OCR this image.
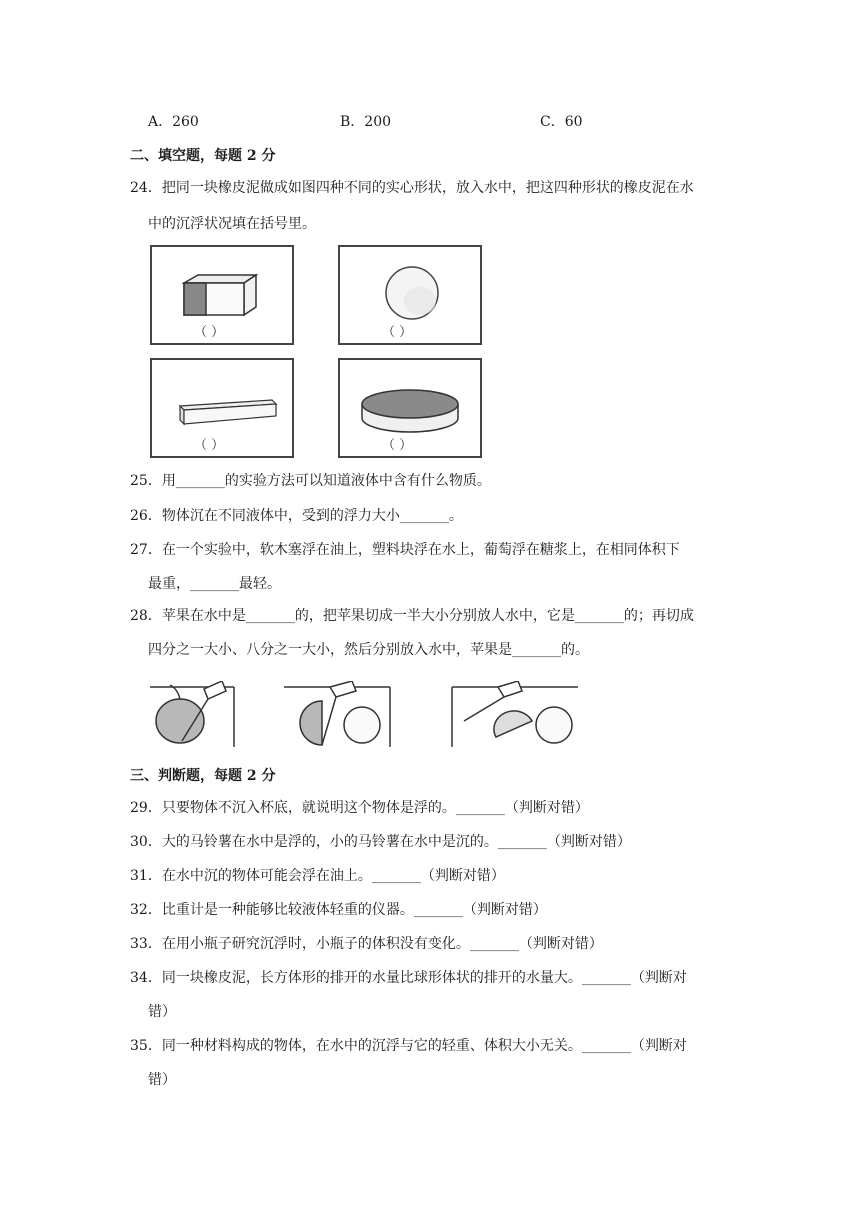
A．260	B．200	C．60
二、填空题，每题 2 分
24．把同一块橡皮泥做成如图四种不同的实心形状，放入水中，把这四种形状的橡皮泥在水
中的沉浮状况填在括号里。
（ ）	（ ）
（ ）	（ ）
25．用_______的实验方法可以知道液体中含有什么物质。
26．物体沉在不同液体中，受到的浮力大小_______。
27．在一个实验中，软木塞浮在油上，塑料块浮在水上，葡萄浮在糖浆上，在相同体积下
最重，_______最轻。
28．苹果在水中是_______的，把苹果切成一半大小分别放人水中，它是_______的；再切成
四分之一大小、八分之一大小，然后分别放入水中，苹果是_______的。
三、判断题，每题 2 分
29．只要物体不沉入杯底，就说明这个物体是浮的。_______（判断对错）
30．大的马铃薯在水中是浮的，小的马铃薯在水中是沉的。_______（判断对错）
31．在水中沉的物体可能会浮在油上。_______（判断对错）
32．比重计是一种能够比较液体轻重的仪器。_______（判断对错）
33．在用小瓶子研究沉浮时，小瓶子的体积没有变化。_______（判断对错）
34．同一块橡皮泥，长方体形的排开的水量比球形体状的排开的水量大。_______（判断对
错）
35．同一种材料构成的物体，在水中的沉浮与它的轻重、体积大小无关。_______（判断对
错）
